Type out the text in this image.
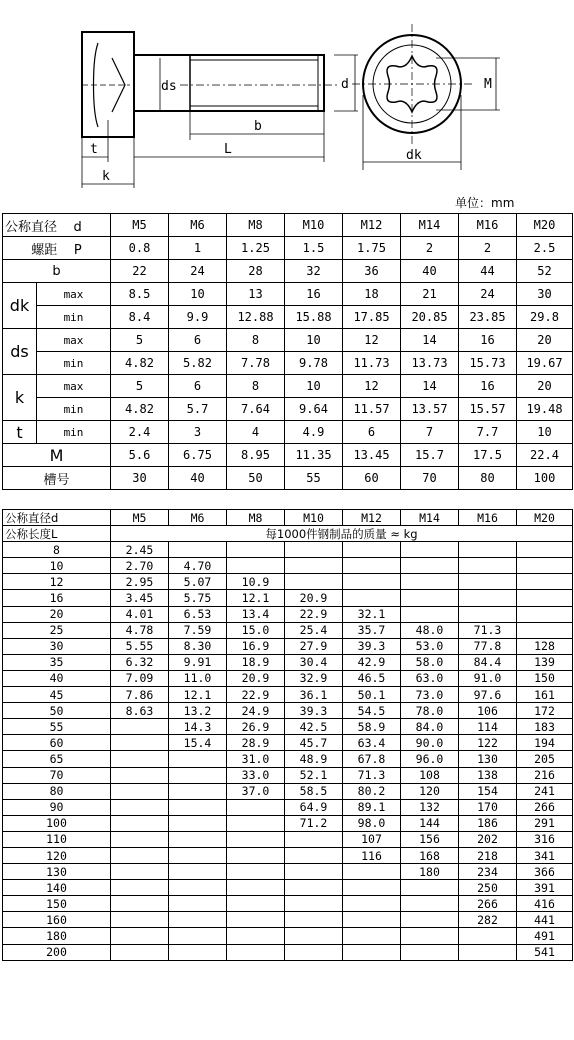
ds	d
b
L
t
k
M
dk
单位：mm
公称直径 d		M5	M6	M8	M10	M12	M14	M16	M20
螺距 P		0.8	1	1.25	1.5	1.75	2	2	2.5
b		22	24	28	32	36	40	44	52
dk	max	8.5	10	13	16	18	21	24	30
	min	8.4	9.9	12.88	15.88	17.85	20.85	23.85	29.8
ds	max	5	6	8	10	12	14	16	20
	min	4.82	5.82	7.78	9.78	11.73	13.73	15.73	19.67
k	max	5	6	8	10	12	14	16	20
	min	4.82	5.7	7.64	9.64	11.57	13.57	15.57	19.48
t	min	2.4	3	4	4.9	6	7	7.7	10
M		5.6	6.75	8.95	11.35	13.45	15.7	17.5	22.4
槽号		30	40	50	55	60	70	80	100
公称直径d	M5	M6	M8	M10	M12	M14	M16	M20
公称长度L	每1000件钢制品的质量 ≈ kg							
8	2.45							
10	2.70	4.70						
12	2.95	5.07	10.9					
16	3.45	5.75	12.1	20.9				
20	4.01	6.53	13.4	22.9	32.1			
25	4.78	7.59	15.0	25.4	35.7	48.0	71.3	
30	5.55	8.30	16.9	27.9	39.3	53.0	77.8	128
35	6.32	9.91	18.9	30.4	42.9	58.0	84.4	139
40	7.09	11.0	20.9	32.9	46.5	63.0	91.0	150
45	7.86	12.1	22.9	36.1	50.1	73.0	97.6	161
50	8.63	13.2	24.9	39.3	54.5	78.0	106	172
55		14.3	26.9	42.5	58.9	84.0	114	183
60		15.4	28.9	45.7	63.4	90.0	122	194
65			31.0	48.9	67.8	96.0	130	205
70			33.0	52.1	71.3	108	138	216
80			37.0	58.5	80.2	120	154	241
90				64.9	89.1	132	170	266
100				71.2	98.0	144	186	291
110					107	156	202	316
120					116	168	218	341
130						180	234	366
140							250	391
150							266	416
160							282	441
180								491
200								541
